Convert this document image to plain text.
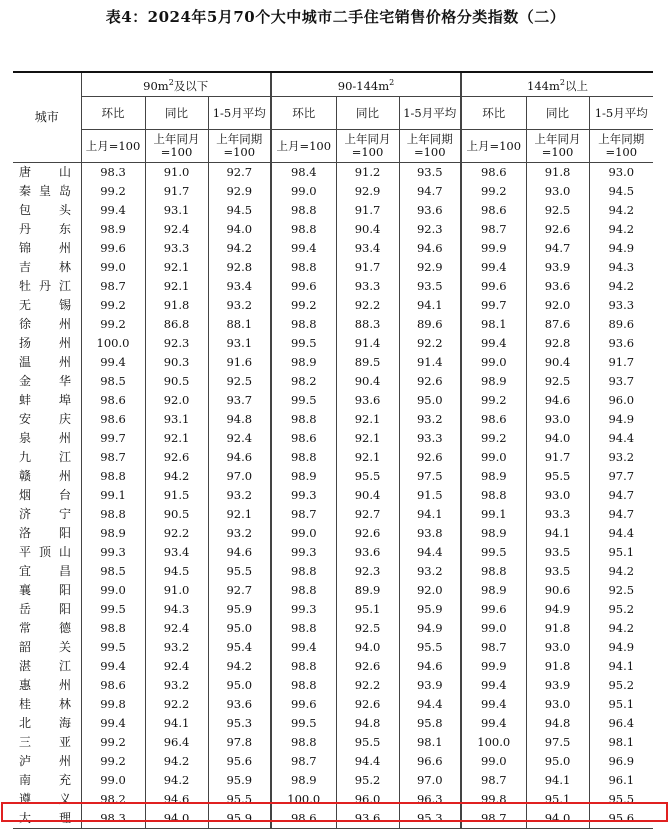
表4：2024年5月70个大中城市二手住宅销售价格分类指数（二）
城市	$90m^2$及以下			$90-144m^2$			$144m^2$以上		
	环比	同比	1-5月平均	环比	同比	1-5月平均	环比	同比	1-5月平均
	上月=100	上年同月=100	上年同期=100	上月=100	上年同月=100	上年同期=100	上月=100	上年同月=100	上年同期=100

唐 山	98.3	91.0	92.7	98.4	91.2	93.5	98.6	91.8	93.0

秦 皇 岛	99.2	91.7	92.9	99.0	92.9	94.7	99.2	93.0	94.5

包 头	99.4	93.1	94.5	98.8	91.7	93.6	98.6	92.5	94.2

丹 东	98.9	92.4	94.0	98.8	90.4	92.3	98.7	92.6	94.2

锦 州	99.6	93.3	94.2	99.4	93.4	94.6	99.9	94.7	94.9

吉 林	99.0	92.1	92.8	98.8	91.7	92.9	99.4	93.9	94.3

牡 丹 江	98.7	92.1	93.4	99.6	93.3	93.5	99.6	93.6	94.2

无 锡	99.2	91.8	93.2	99.2	92.2	94.1	99.7	92.0	93.3

徐 州	99.2	86.8	88.1	98.8	88.3	89.6	98.1	87.6	89.6

扬 州	100.0	92.3	93.1	99.5	91.4	92.2	99.4	92.8	93.6

温 州	99.4	90.3	91.6	98.9	89.5	91.4	99.0	90.4	91.7

金 华	98.5	90.5	92.5	98.2	90.4	92.6	98.9	92.5	93.7

蚌 埠	98.6	92.0	93.7	99.5	93.6	95.0	99.2	94.6	96.0

安 庆	98.6	93.1	94.8	98.8	92.1	93.2	98.6	93.0	94.9

泉 州	99.7	92.1	92.4	98.6	92.1	93.3	99.2	94.0	94.4

九 江	98.7	92.6	94.6	98.8	92.1	92.6	99.0	91.7	93.2

赣 州	98.8	94.2	97.0	98.9	95.5	97.5	98.9	95.5	97.7

烟 台	99.1	91.5	93.2	99.3	90.4	91.5	98.8	93.0	94.7

济 宁	98.8	90.5	92.1	98.7	92.7	94.1	99.1	93.3	94.7

洛 阳	98.9	92.2	93.2	99.0	92.6	93.8	98.9	94.1	94.4

平 顶 山	99.3	93.4	94.6	99.3	93.6	94.4	99.5	93.5	95.1

宜 昌	98.5	94.5	95.5	98.8	92.3	93.2	98.8	93.5	94.2

襄 阳	99.0	91.0	92.7	98.8	89.9	92.0	98.9	90.6	92.5

岳 阳	99.5	94.3	95.9	99.3	95.1	95.9	99.6	94.9	95.2

常 德	98.8	92.4	95.0	98.8	92.5	94.9	99.0	91.8	94.2

韶 关	99.5	93.2	95.4	99.4	94.0	95.5	98.7	93.0	94.9

湛 江	99.4	92.4	94.2	98.8	92.6	94.6	99.9	91.8	94.1

惠 州	98.6	93.2	95.0	98.8	92.2	93.9	99.4	93.9	95.2

桂 林	99.8	92.2	93.6	99.6	92.6	94.4	99.4	93.0	95.1

北 海	99.4	94.1	95.3	99.5	94.8	95.8	99.4	94.8	96.4

三 亚	99.2	96.4	97.8	98.8	95.5	98.1	100.0	97.5	98.1

泸 州	99.2	94.2	95.6	98.7	94.4	96.6	99.0	95.0	96.9

南 充	99.0	94.2	95.9	98.9	95.2	97.0	98.7	94.1	96.1

遵 义	98.2	94.6	95.5	100.0	96.0	96.3	99.8	95.1	95.5

大 理	98.3	94.0	95.9	98.6	93.6	95.3	98.7	94.0	95.6
